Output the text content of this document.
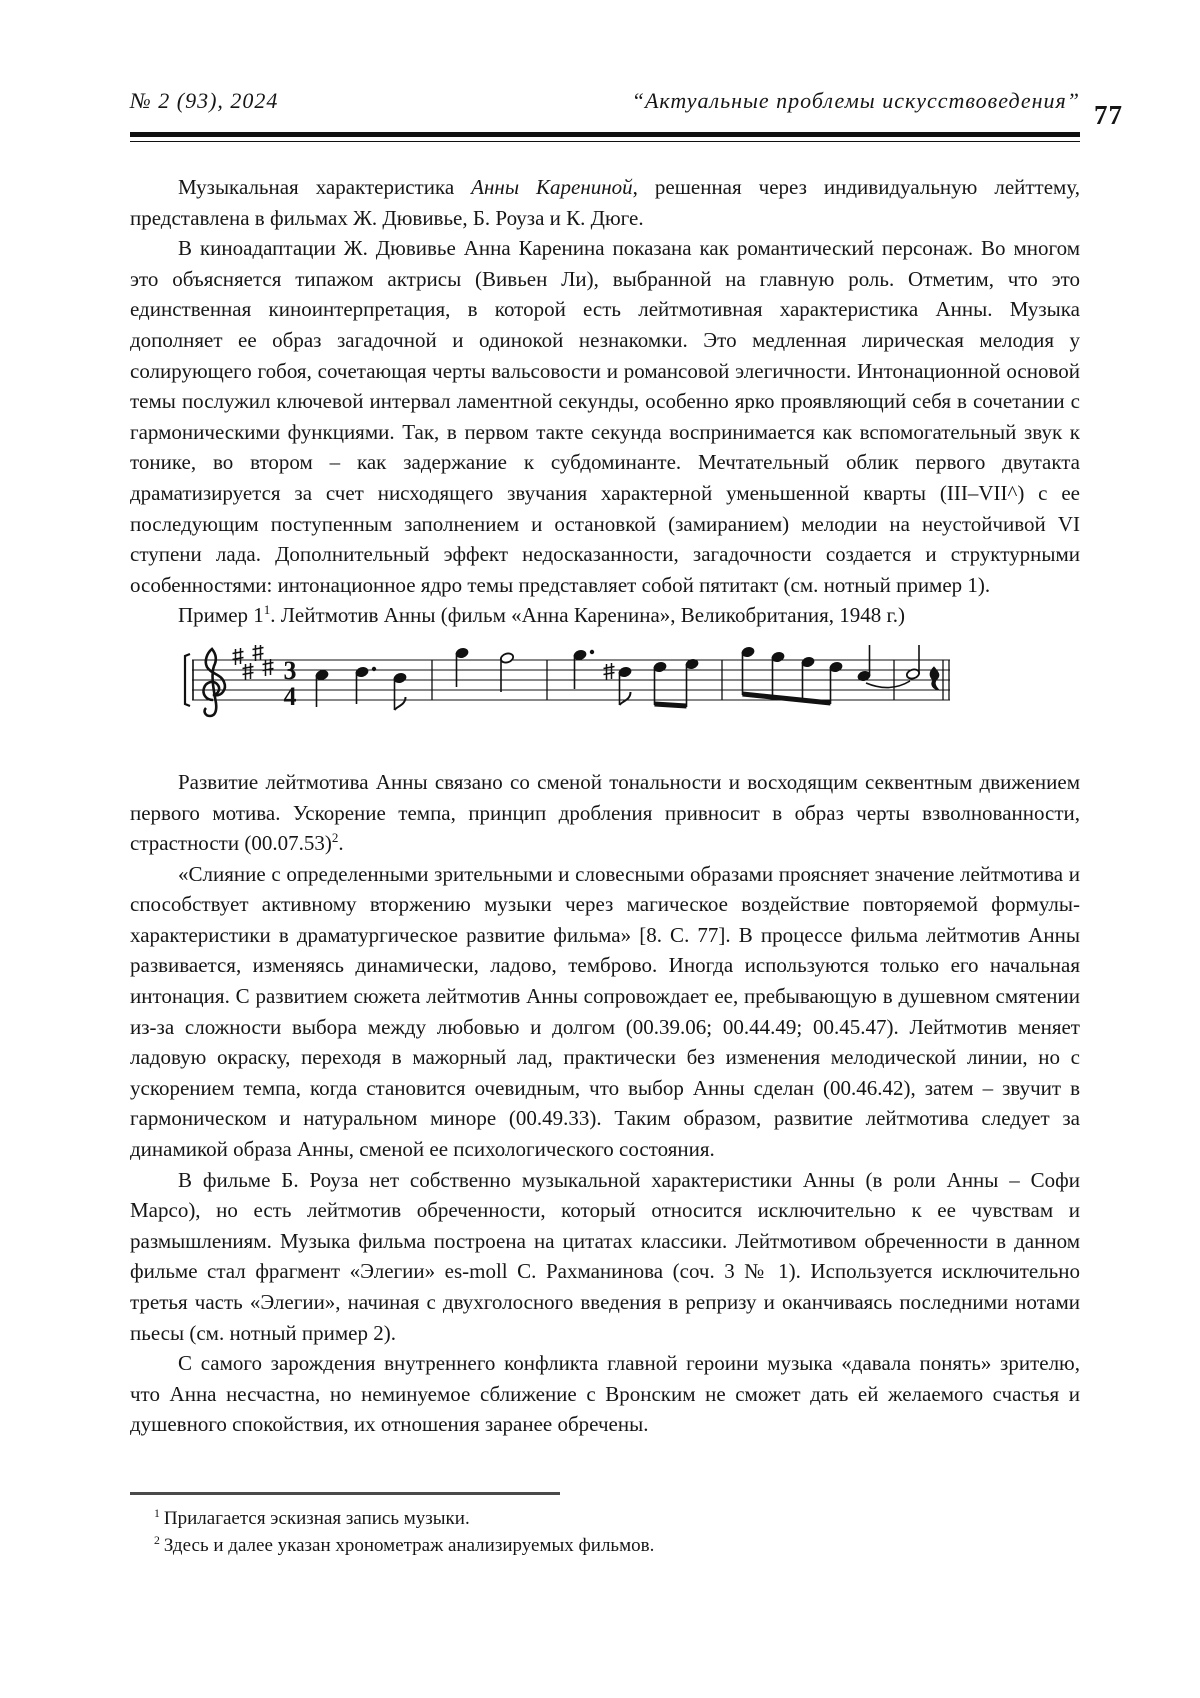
№ 2 (93), 2024	“Актуальные проблемы искусствоведения” 77

Музыкальная характеристика Анны Карениной, решенная через индивидуальную лейттему, представлена в фильмах Ж. Дювивье, Б. Роуза и К. Дюге.

В киноадаптации Ж. Дювивье Анна Каренина показана как романтический персонаж. Во многом это объясняется типажом актрисы (Вивьен Ли), выбранной на главную роль. Отметим, что это единственная киноинтерпретация, в которой есть лейтмотивная характеристика Анны. Музыка дополняет ее образ загадочной и одинокой незнакомки. Это медленная лирическая мелодия у солирующего гобоя, сочетающая черты вальсовости и романсовой элегичности. Интонационной основой темы послужил ключевой интервал ламентной секунды, особенно ярко проявляющий себя в сочетании с гармоническими функциями. Так, в первом такте секунда воспринимается как вспомогательный звук к тонике, во втором – как задержание к субдоминанте. Мечтательный облик первого двутакта драматизируется за счет нисходящего звучания характерной уменьшенной кварты (III–VII^) с ее последующим поступенным заполнением и остановкой (замиранием) мелодии на неустойчивой VI ступени лада. Дополнительный эффект недосказанности, загадочности создается и структурными особенностями: интонационное ядро темы представляет собой пятитакт (см. нотный пример 1).

Пример $1^1$. Лейтмотив Анны (фильм «Анна Каренина», Великобритания, 1948 г.)

3
4

Развитие лейтмотива Анны связано со сменой тональности и восходящим секвентным движением первого мотива. Ускорение темпа, принцип дробления привносит в образ черты взволнованности, страстности $(00.07.53)^2$.

«Слияние с определенными зрительными и словесными образами проясняет значение лейтмотива и способствует активному вторжению музыки через магическое воздействие повторяемой формулы-характеристики в драматургическое развитие фильма» [8. С. 77]. В процессе фильма лейтмотив Анны развивается, изменяясь динамически, ладово, темброво. Иногда используются только его начальная интонация. С развитием сюжета лейтмотив Анны сопровождает ее, пребывающую в душевном смятении из-за сложности выбора между любовью и долгом (00.39.06; 00.44.49; 00.45.47). Лейтмотив меняет ладовую окраску, переходя в мажорный лад, практически без изменения мелодической линии, но с ускорением темпа, когда становится очевидным, что выбор Анны сделан (00.46.42), затем – звучит в гармоническом и натуральном миноре (00.49.33). Таким образом, развитие лейтмотива следует за динамикой образа Анны, сменой ее психологического состояния.

В фильме Б. Роуза нет собственно музыкальной характеристики Анны (в роли Анны – Софи Марсо), но есть лейтмотив обреченности, который относится исключительно к ее чувствам и размышлениям. Музыка фильма построена на цитатах классики. Лейтмотивом обреченности в данном фильме стал фрагмент «Элегии» es-moll С. Рахманинова (соч. 3 № 1). Используется исключительно третья часть «Элегии», начиная с двухголосного введения в репризу и оканчиваясь последними нотами пьесы (см. нотный пример 2).

С самого зарождения внутреннего конфликта главной героини музыка «давала понять» зрителю, что Анна несчастна, но неминуемое сближение с Вронским не сможет дать ей желаемого счастья и душевного спокойствия, их отношения заранее обречены.

$^1$ Прилагается эскизная запись музыки.

$^2$ Здесь и далее указан хронометраж анализируемых фильмов.
